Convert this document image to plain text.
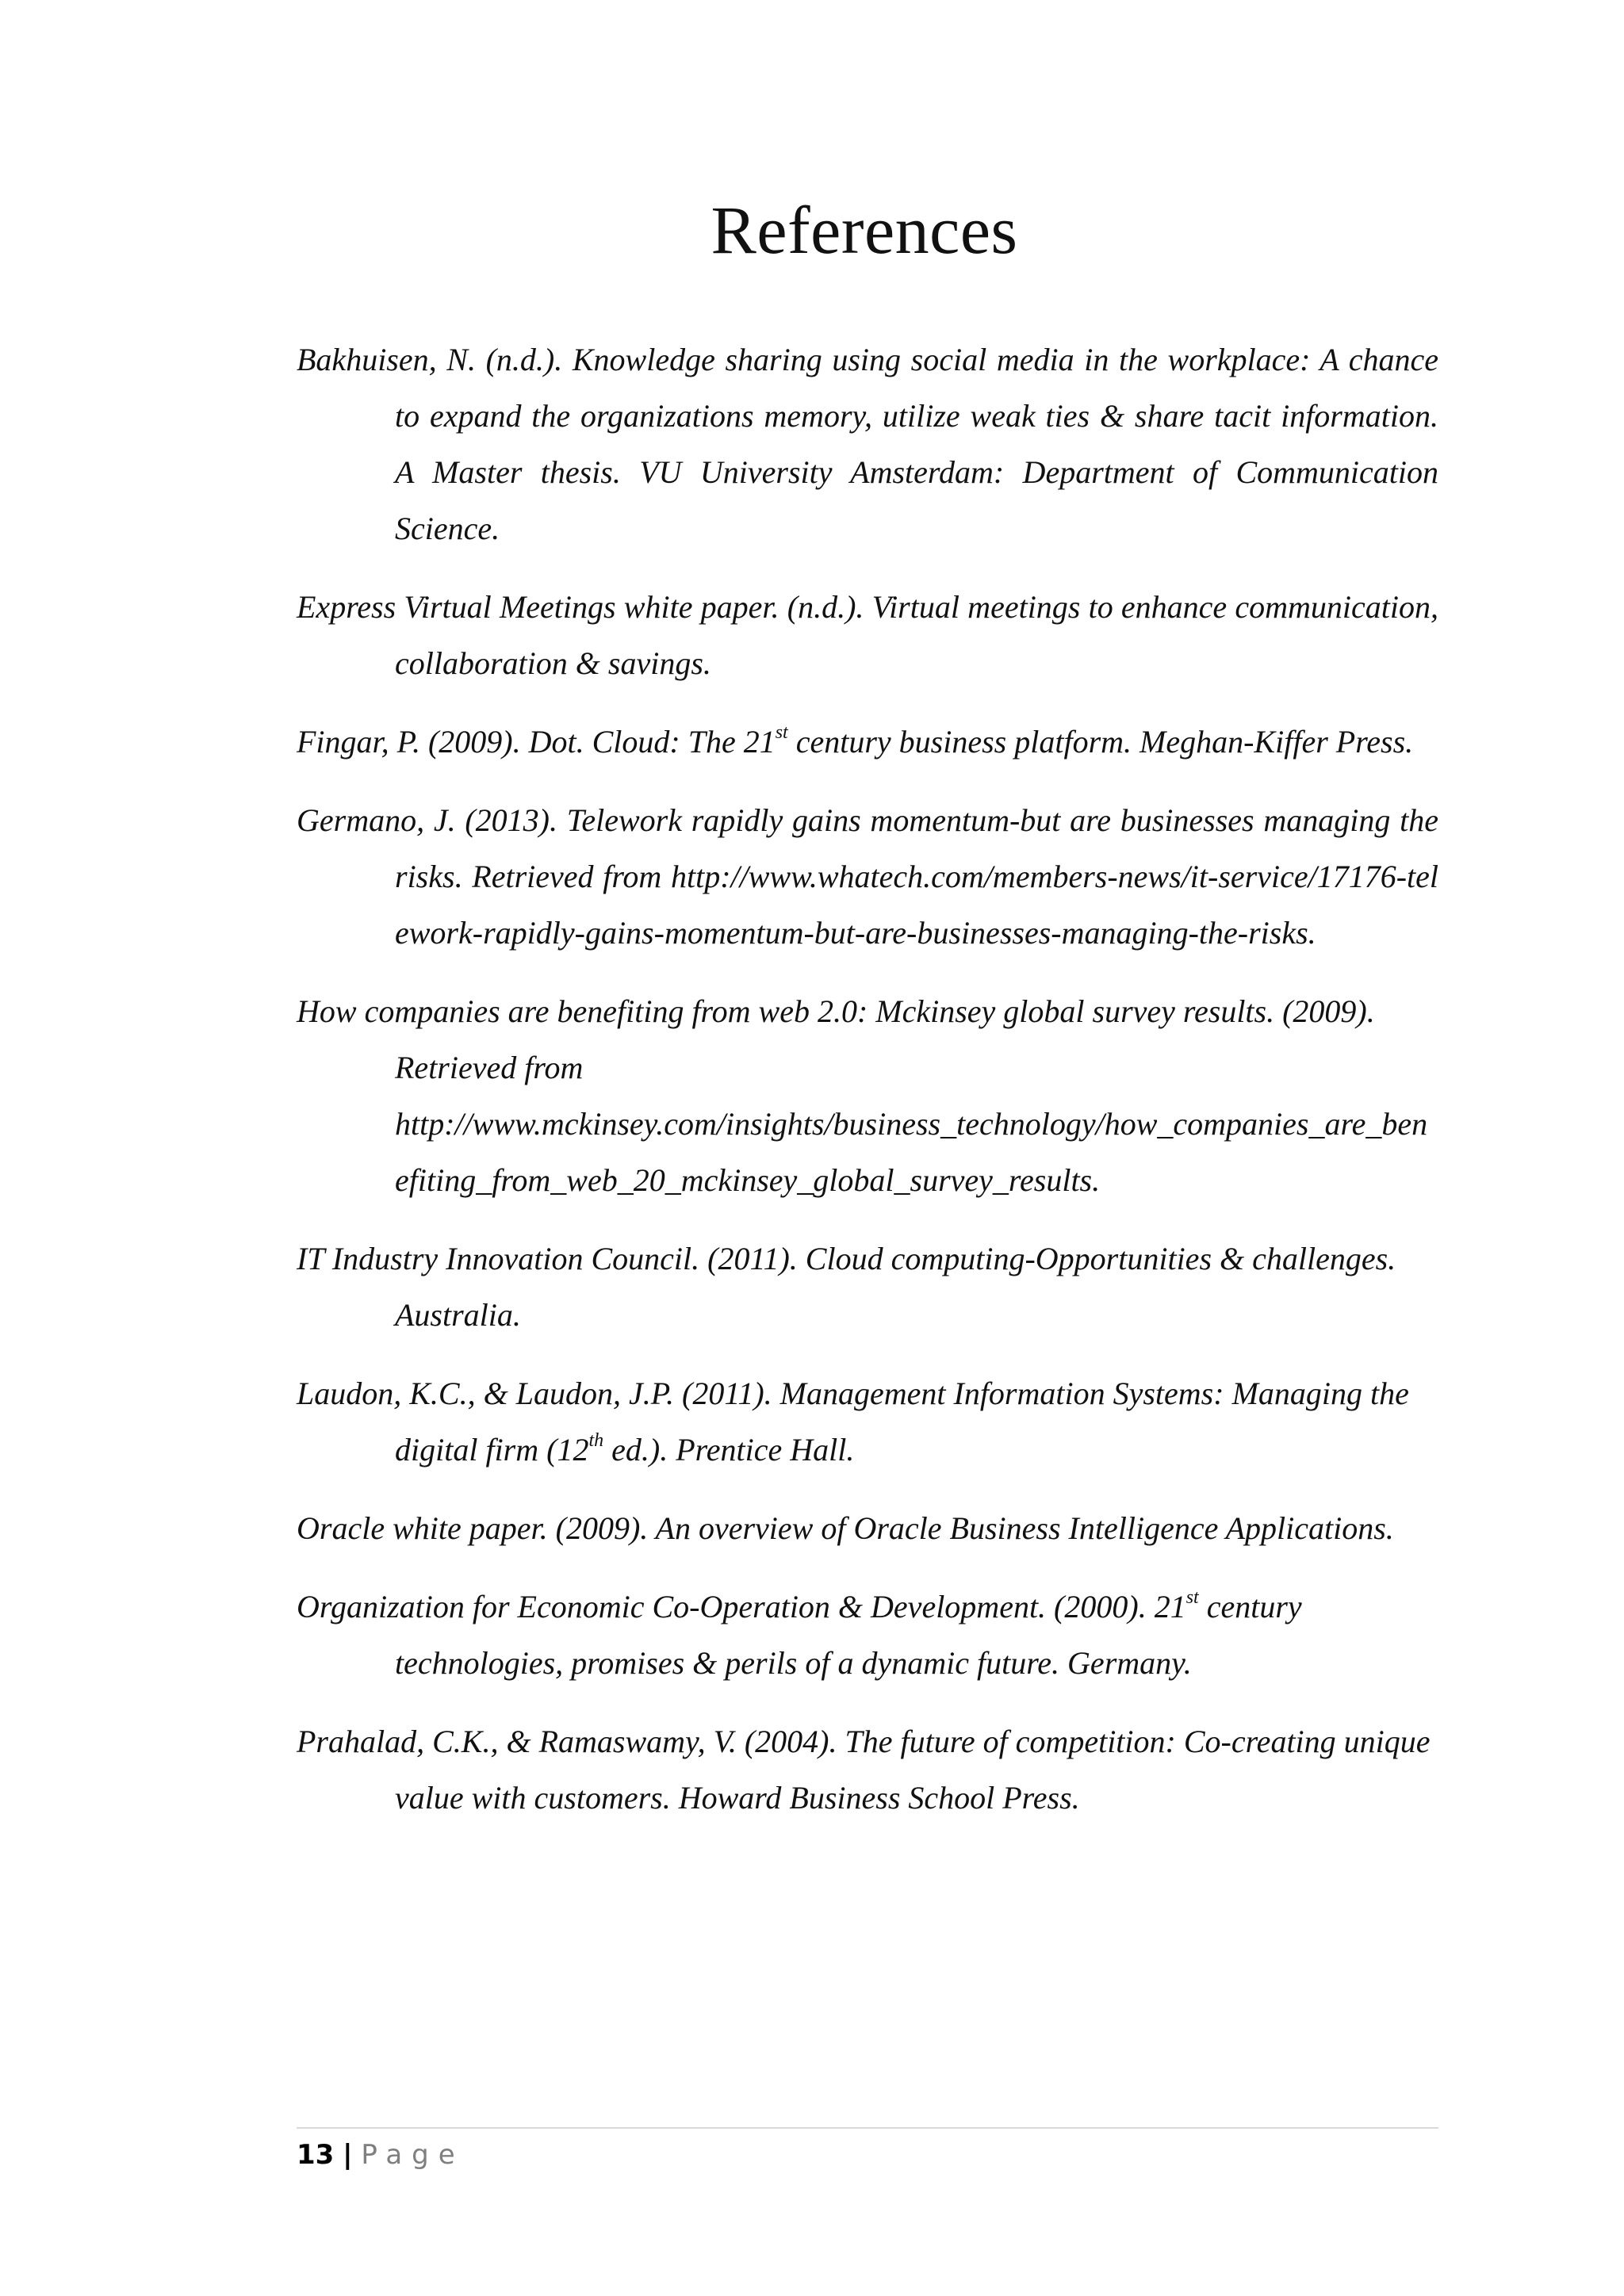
References

Bakhuisen, N. (n.d.). Knowledge sharing using social media in the workplace: A chance to expand the organizations memory, utilize weak ties & share tacit information. A Master thesis. VU University Amsterdam: Department of Communication Science.

Express Virtual Meetings white paper. (n.d.). Virtual meetings to enhance communication, collaboration & savings.

Fingar, P. (2009). Dot. Cloud: The 21st century business platform. Meghan-Kiffer Press.

Germano, J. (2013). Telework rapidly gains momentum-but are businesses managing the risks. Retrieved from http://www.whatech.com/members-news/it-service/17176-telework-rapidly-gains-momentum-but-are-businesses-managing-the-risks.

How companies are benefiting from web 2.0: Mckinsey global survey results. (2009). Retrieved from
http://www.mckinsey.com/insights/business_technology/how_companies_are_benefiting_from_web_20_mckinsey_global_survey_results.

IT Industry Innovation Council. (2011). Cloud computing-Opportunities & challenges. Australia.

Laudon, K.C., & Laudon, J.P. (2011). Management Information Systems: Managing the digital firm (12th ed.). Prentice Hall.

Oracle white paper. (2009). An overview of Oracle Business Intelligence Applications.

Organization for Economic Co-Operation & Development. (2000). 21st century technologies, promises & perils of a dynamic future. Germany.

Prahalad, C.K., & Ramaswamy, V. (2004). The future of competition: Co-creating unique value with customers. Howard Business School Press.

13 | Page
